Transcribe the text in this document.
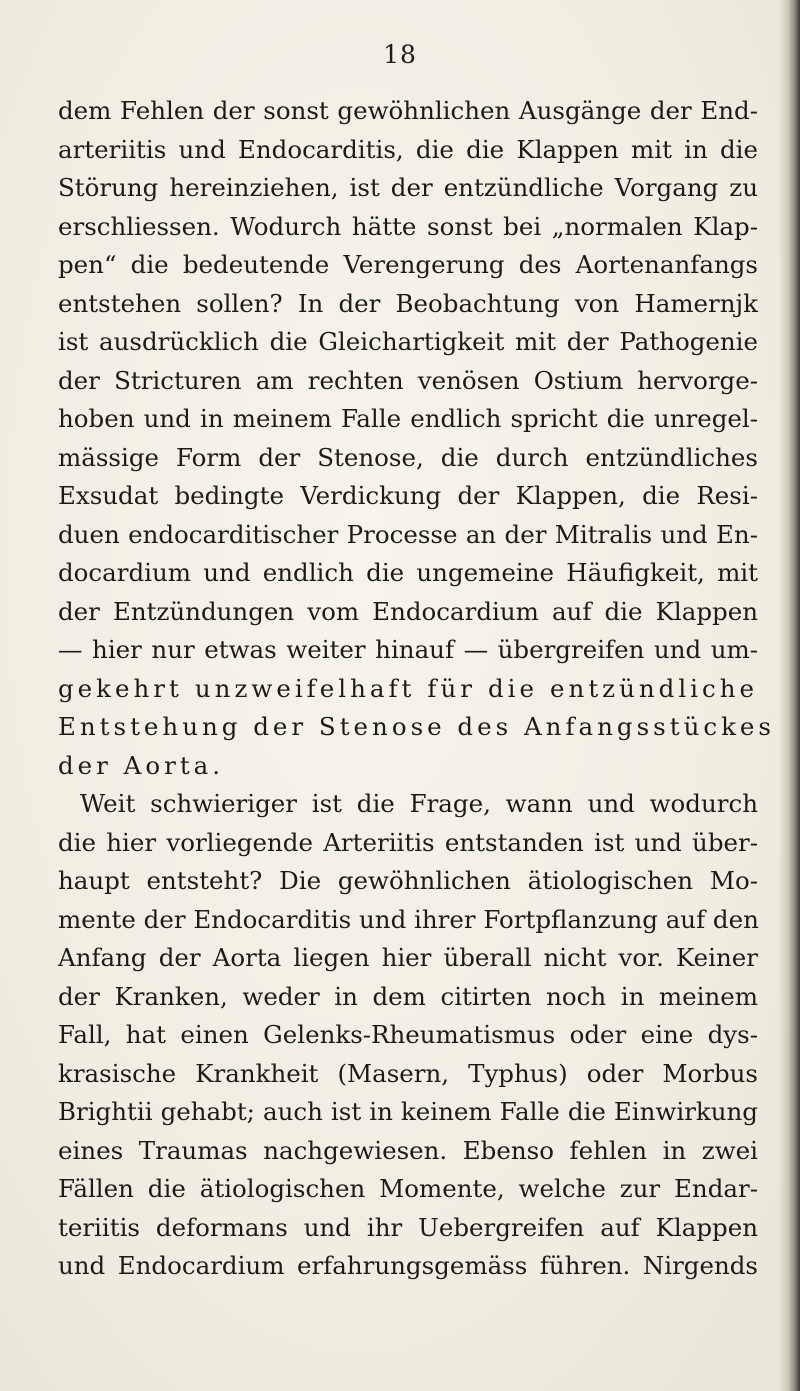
18
dem Fehlen der sonst gewöhnlichen Ausgänge der End-
arteriitis und Endocarditis, die die Klappen mit in die
Störung hereinziehen, ist der entzündliche Vorgang zu
erschliessen. Wodurch hätte sonst bei „normalen Klap-
pen“ die bedeutende Verengerung des Aortenanfangs
entstehen sollen? In der Beobachtung von Hamernjk
ist ausdrücklich die Gleichartigkeit mit der Pathogenie
der Stricturen am rechten venösen Ostium hervorge-
hoben und in meinem Falle endlich spricht die unregel-
mässige Form der Stenose, die durch entzündliches
Exsudat bedingte Verdickung der Klappen, die Resi-
duen endocarditischer Processe an der Mitralis und En-
docardium und endlich die ungemeine Häufigkeit, mit
der Entzündungen vom Endocardium auf die Klappen
— hier nur etwas weiter hinauf — übergreifen und um-
gekehrt unzweifelhaft für die entzündliche
Entstehung der Stenose des Anfangsstückes
der Aorta.
Weit schwieriger ist die Frage, wann und wodurch
die hier vorliegende Arteriitis entstanden ist und über-
haupt entsteht? Die gewöhnlichen ätiologischen Mo-
mente der Endocarditis und ihrer Fortpflanzung auf den
Anfang der Aorta liegen hier überall nicht vor. Keiner
der Kranken, weder in dem citirten noch in meinem
Fall, hat einen Gelenks-Rheumatismus oder eine dys-
krasische Krankheit (Masern, Typhus) oder Morbus
Brightii gehabt; auch ist in keinem Falle die Einwirkung
eines Traumas nachgewiesen. Ebenso fehlen in zwei
Fällen die ätiologischen Momente, welche zur Endar-
teriitis deformans und ihr Uebergreifen auf Klappen
und Endocardium erfahrungsgemäss führen. Nirgends
